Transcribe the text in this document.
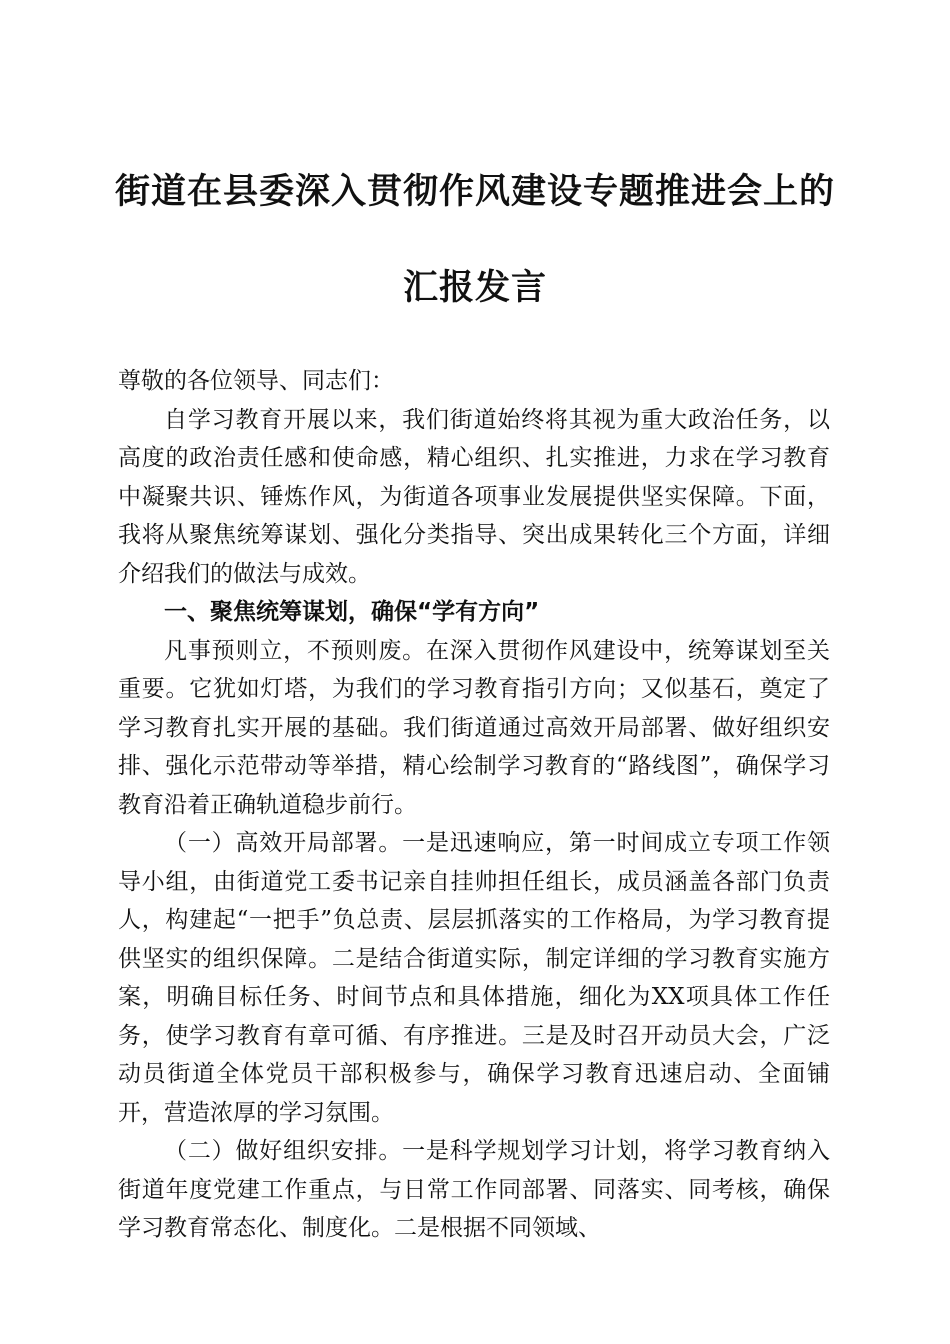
街道在县委深入贯彻作风建设专题推进会上的
汇报发言

尊敬的各位领导、同志们：

自学习教育开展以来，我们街道始终将其视为重大政治任务，以高度的政治责任感和使命感，精心组织、扎实推进，力求在学习教育中凝聚共识、锤炼作风，为街道各项事业发展提供坚实保障。下面，我将从聚焦统筹谋划、强化分类指导、突出成果转化三个方面，详细介绍我们的做法与成效。

一、聚焦统筹谋划，确保“学有方向”

凡事预则立，不预则废。在深入贯彻作风建设中，统筹谋划至关重要。它犹如灯塔，为我们的学习教育指引方向；又似基石，奠定了学习教育扎实开展的基础。我们街道通过高效开局部署、做好组织安排、强化示范带动等举措，精心绘制学习教育的“路线图”，确保学习教育沿着正确轨道稳步前行。

（一）高效开局部署。一是迅速响应，第一时间成立专项工作领导小组，由街道党工委书记亲自挂帅担任组长，成员涵盖各部门负责人，构建起“一把手”负总责、层层抓落实的工作格局，为学习教育提供坚实的组织保障。二是结合街道实际，制定详细的学习教育实施方案，明确目标任务、时间节点和具体措施，细化为XX项具体工作任务，使学习教育有章可循、有序推进。三是及时召开动员大会，广泛动员街道全体党员干部积极参与，确保学习教育迅速启动、全面铺开，营造浓厚的学习氛围。

（二）做好组织安排。一是科学规划学习计划，将学习教育纳入街道年度党建工作重点，与日常工作同部署、同落实、同考核，确保学习教育常态化、制度化。二是根据不同领域、
